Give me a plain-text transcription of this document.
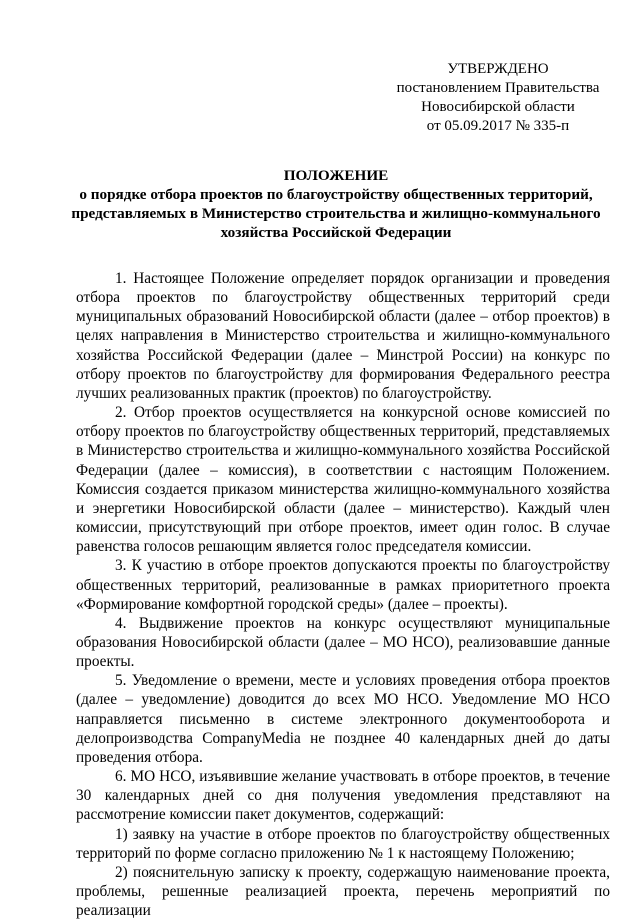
УТВЕРЖДЕНО
постановлением Правительства
Новосибирской области
от 05.09.2017 № 335-п
ПОЛОЖЕНИЕ
о порядке отбора проектов по благоустройству общественных территорий,
представляемых в Министерство строительства и жилищно-коммунального
хозяйства Российской Федерации

1. Настоящее Положение определяет порядок организации и проведения отбора проектов по благоустройству общественных территорий среди муниципальных образований Новосибирской области (далее – отбор проектов) в целях направления в Министерство строительства и жилищно-коммунального хозяйства Российской Федерации (далее – Минстрой России) на конкурс по отбору проектов по благоустройству для формирования Федерального реестра лучших реализованных практик (проектов) по благоустройству.

2. Отбор проектов осуществляется на конкурсной основе комиссией по отбору проектов по благоустройству общественных территорий, представляемых в Министерство строительства и жилищно-коммунального хозяйства Российской Федерации (далее – комиссия), в соответствии с настоящим Положением. Комиссия создается приказом министерства жилищно-коммунального хозяйства и энергетики Новосибирской области (далее – министерство). Каждый член комиссии, присутствующий при отборе проектов, имеет один голос. В случае равенства голосов решающим является голос председателя комиссии.

3. К участию в отборе проектов допускаются проекты по благоустройству общественных территорий, реализованные в рамках приоритетного проекта «Формирование комфортной городской среды» (далее – проекты).

4. Выдвижение проектов на конкурс осуществляют муниципальные образования Новосибирской области (далее – МО НСО), реализовавшие данные проекты.

5. Уведомление о времени, месте и условиях проведения отбора проектов (далее – уведомление) доводится до всех МО НСО. Уведомление МО НСО направляется письменно в системе электронного документооборота и делопроизводства CompanyMedia не позднее 40 календарных дней до даты проведения отбора.

6. МО НСО, изъявившие желание участвовать в отборе проектов, в течение 30 календарных дней со дня получения уведомления представляют на рассмотрение комиссии пакет документов, содержащий:

1) заявку на участие в отборе проектов по благоустройству общественных территорий по форме согласно приложению № 1 к настоящему Положению;

2) пояснительную записку к проекту, содержащую наименование проекта, проблемы, решенные реализацией проекта, перечень мероприятий по реализации
